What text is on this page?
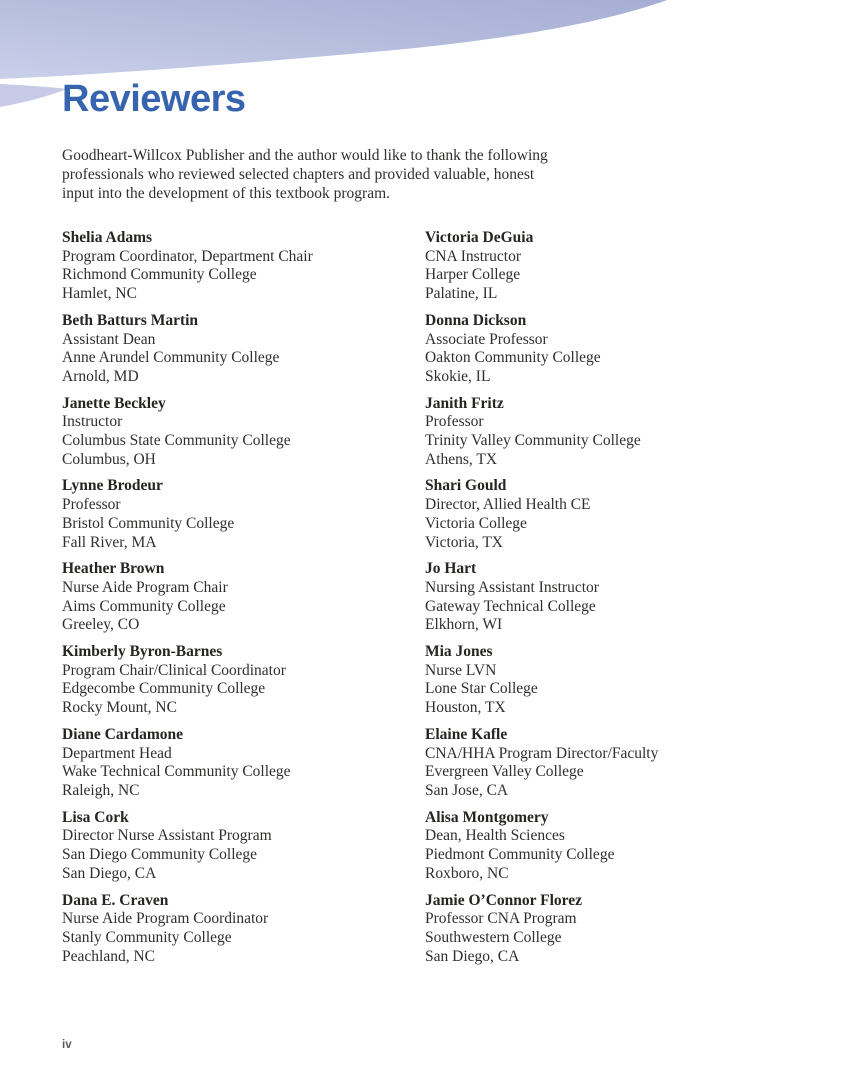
Reviewers
Goodheart-Willcox Publisher and the author would like to thank the following
professionals who reviewed selected chapters and provided valuable, honest
input into the development of this textbook program.
Shelia Adams
Program Coordinator, Department Chair
Richmond Community College
Hamlet, NC
Beth Batturs Martin
Assistant Dean
Anne Arundel Community College
Arnold, MD
Janette Beckley
Instructor
Columbus State Community College
Columbus, OH
Lynne Brodeur
Professor
Bristol Community College
Fall River, MA
Heather Brown
Nurse Aide Program Chair
Aims Community College
Greeley, CO
Kimberly Byron-Barnes
Program Chair/Clinical Coordinator
Edgecombe Community College
Rocky Mount, NC
Diane Cardamone
Department Head
Wake Technical Community College
Raleigh, NC
Lisa Cork
Director Nurse Assistant Program
San Diego Community College
San Diego, CA
Dana E. Craven
Nurse Aide Program Coordinator
Stanly Community College
Peachland, NC
Victoria DeGuia
CNA Instructor
Harper College
Palatine, IL
Donna Dickson
Associate Professor
Oakton Community College
Skokie, IL
Janith Fritz
Professor
Trinity Valley Community College
Athens, TX
Shari Gould
Director, Allied Health CE
Victoria College
Victoria, TX
Jo Hart
Nursing Assistant Instructor
Gateway Technical College
Elkhorn, WI
Mia Jones
Nurse LVN
Lone Star College
Houston, TX
Elaine Kafle
CNA/HHA Program Director/Faculty
Evergreen Valley College
San Jose, CA
Alisa Montgomery
Dean, Health Sciences
Piedmont Community College
Roxboro, NC
Jamie O’Connor Florez
Professor CNA Program
Southwestern College
San Diego, CA
iv
